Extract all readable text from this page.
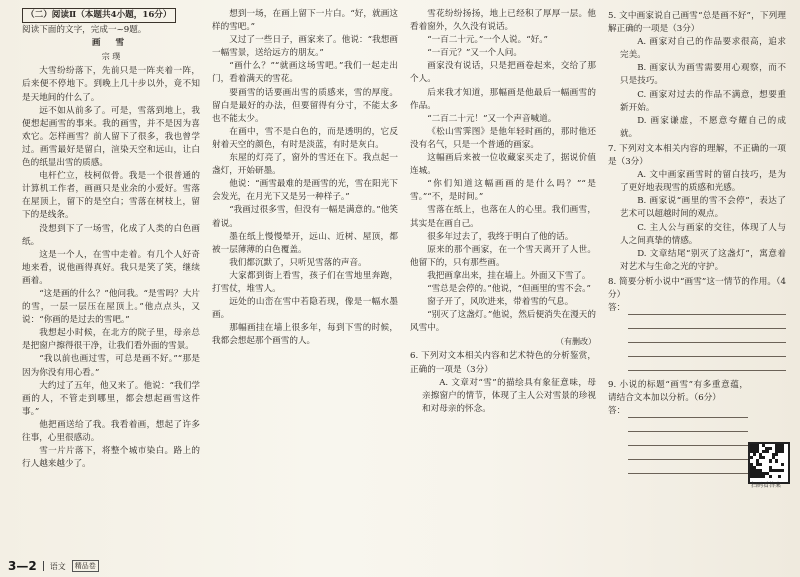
（二）阅读Ⅱ（本题共4小题，16分）

阅读下面的文字，完成一~9题。

画 雪
宗 璞

大雪纷纷落下，先前只是一阵夹着一阵，后来便不停地下。到晚上几十步以外，竟不知是天地间的什么了。

远不如从前多了。可是，雪落到地上，我便想起画雪的事来。我的画雪，并不是因为喜欢它。怎样画雪？前人留下了很多，我也曾学过。画雪最好是留白，渲染天空和远山，让白色的纸显出雪的质感。

电杆伫立，枝柯似骨。我是一个很普通的计算机工作者，画画只是业余的小爱好。雪落在屋顶上，留下的是空白；雪落在树枝上，留下的是线条。

没想到下了一场雪，化成了人类的白色画纸。

这是一个人，在雪中走着。有几个人好奇地来看，说他画得真好。我只是笑了笑，继续画着。

“这是画的什么？”他问我。“是雪吗？大片的雪，一层一层压在屋顶上。”他点点头，又说：“你画的是过去的雪吧。”

我想起小时候，在北方的院子里，母亲总是把窗户擦得很干净，让我们看外面的雪景。

“我以前也画过雪，可总是画不好。”“那是因为你没有用心看。”

大约过了五年，他又来了。他说：“我们学画的人，不管走到哪里，都会想起画雪这件事。”

他把画送给了我。我看着画，想起了许多往事，心里很感动。

雪一片片落下，将整个城市染白。路上的行人越来越少了。

想到一场，在画上留下一片白。“好，就画这样的雪吧。”

又过了一些日子，画家来了。他说：“我想画一幅雪景，送给远方的朋友。”

“画什么？”“就画这场雪吧。”我们一起走出门，看着满天的雪花。

要画雪的话要画出雪的质感来，雪的厚度。留白是最好的办法，但要留得有分寸，不能太多也不能太少。

在画中，雪不是白色的，而是透明的，它反射着天空的颜色，有时是淡蓝，有时是灰白。

东屋的灯亮了，窗外的雪还在下。我点起一盏灯，开始研墨。

他说：“画雪最难的是画雪的光，雪在阳光下会发光，在月光下又是另一种样子。”

“我画过很多雪，但没有一幅是满意的。”他笑着说。

墨在纸上慢慢晕开，远山、近树、屋顶，都被一层薄薄的白色覆盖。

我们都沉默了，只听见雪落的声音。

大家都到街上看雪，孩子们在雪地里奔跑，打雪仗，堆雪人。

远处的山峦在雪中若隐若现，像是一幅水墨画。

那幅画挂在墙上很多年，每到下雪的时候，我都会想起那个画雪的人。

雪花纷纷扬扬，地上已经积了厚厚一层。他看着窗外，久久没有说话。

“一百二十元。”一个人说。“好。”

“一百元？”又一个人问。

画家没有说话，只是把画卷起来，交给了那个人。

后来我才知道，那幅画是他最后一幅画雪的作品。

“二百二十元！”又一个声音喊道。

《松山雪霁图》是他年轻时画的，那时他还没有名气，只是一个普通的画家。

这幅画后来被一位收藏家买走了，据说价值连城。

“你们知道这幅画画的是什么吗？”“是雪。”“不，是时间。”

雪落在纸上，也落在人的心里。我们画雪，其实是在画自己。

很多年过去了，我终于明白了他的话。

原来的那个画家，在一个雪天离开了人世。他留下的，只有那些画。

我把画拿出来，挂在墙上。外面又下雪了。

“雪总是会停的。”他说，“但画里的雪不会。”

窗子开了，风吹进来，带着雪的气息。

“别灭了这盏灯。”他说，然后便消失在漫天的风雪中。

（有删改）

6. 下列对文本相关内容和艺术特色的分析鉴赏，正确的一项是（3分）

A. 文章对“雪”的描绘具有象征意味，母亲擦窗户的情节，体现了主人公对雪景的珍视和对母亲的怀念。

5. 文中画家说自己画雪“总是画不好”，下列理解正确的一项是（3分）

A. 画家对自己的作品要求很高，追求完美。

B. 画家认为画雪需要用心观察，而不只是技巧。

C. 画家对过去的作品不满意，想要重新开始。

D. 画家谦虚，不愿意夸耀自己的成就。

7. 下列对文本相关内容的理解，不正确的一项是（3分）

A. 文中画家画雪时的留白技巧，是为了更好地表现雪的质感和光感。

B. 画家说“画里的雪不会停”，表达了艺术可以超越时间的观点。

C. 主人公与画家的交往，体现了人与人之间真挚的情感。

D. 文章结尾“别灭了这盏灯”，寓意着对艺术与生命之光的守护。

8. 简要分析小说中“画雪”这一情节的作用。（4分）

答：

9. 小说的标题“画雪”有多重意蕴，请结合文本加以分析。（6分）

答：
扫码看答案
3—2 语文	精品卷
